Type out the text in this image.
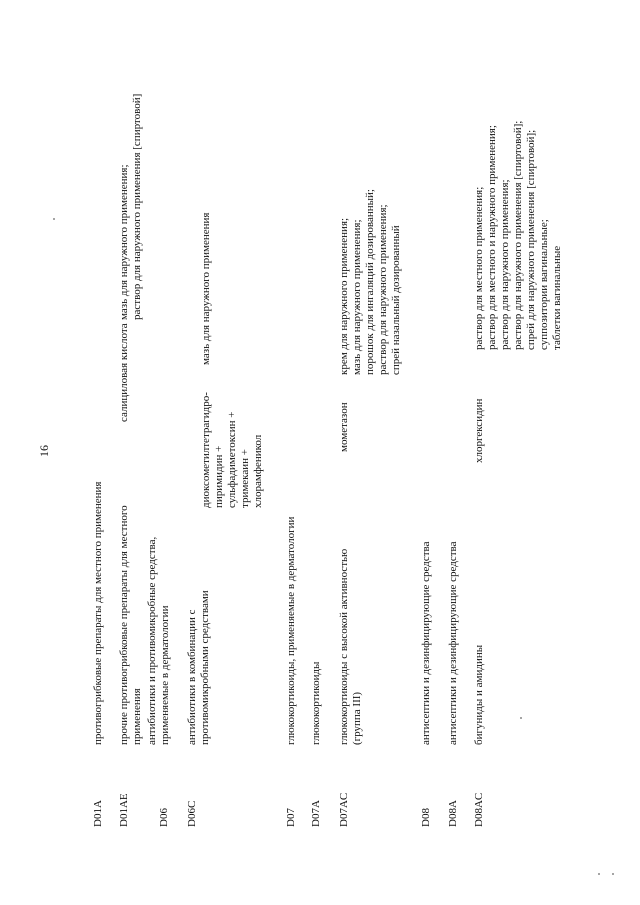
16
D01A
противогрибковые препараты для местного применения
D01AE
прочие противогрибковые препараты для местного применения
салициловая кислота
мазь для наружного применения;
раствор для наружного применения [спиртовой]
D06
антибиотики и противомикробные средства, применяемые в дерматологии
D06C
антибиотики в комбинации с противомикробными средствами
диоксометилтетрагидро-пиримидин + сульфадиметоксин + тримекаин + хлорамфеникол
мазь для наружного применения
D07
глюкокортикоиды, применяемые в дерматологии
D07A
глюкокортикоиды
D07AC
глюкокортикоиды с высокой активностью (группа III)
мометазон
крем для наружного применения;
мазь для наружного применения;
порошок для ингаляций дозированный;
раствор для наружного применения;
спрей назальный дозированный
D08
антисептики и дезинфицирующие средства
D08A
антисептики и дезинфицирующие средства
D08AC
бигуниды и амидины
хлоргексидин
раствор для местного применения;
раствор для местного и наружного применения;
раствор для наружного применения;
раствор для наружного применения [спиртовой];
спрей для наружного применения [спиртовой];
суппозитории вагинальные;
таблетки вагинальные
